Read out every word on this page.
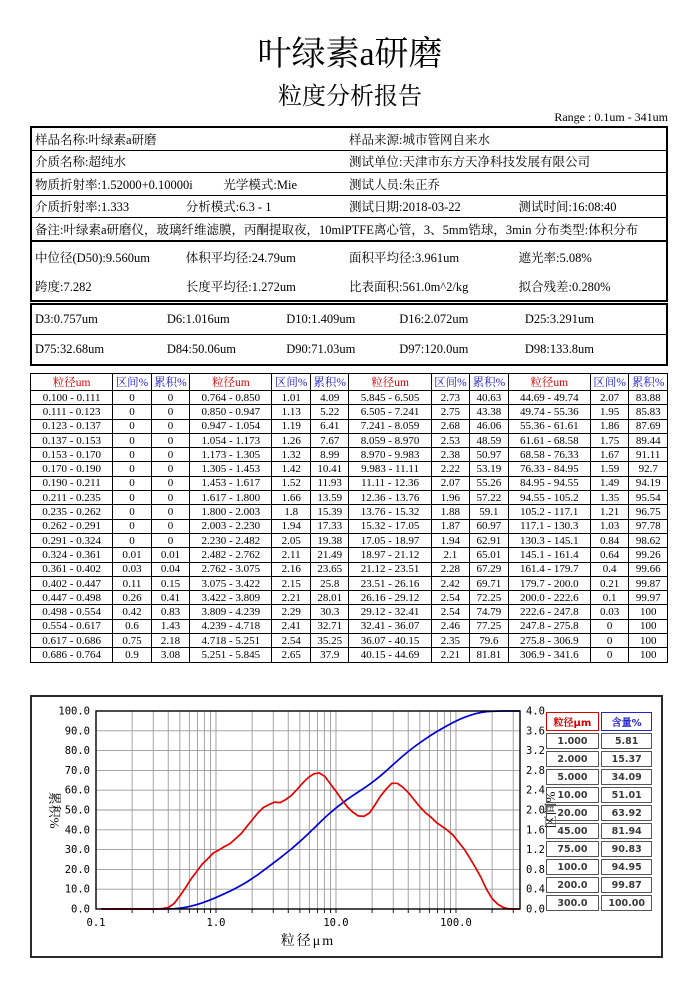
叶绿素a研磨
粒度分析报告
Range : 0.1um - 341um
样品名称:叶绿素a研磨	样品来源:城市管网自来水
介质名称:超纯水	测试单位:天津市东方天净科技发展有限公司
物质折射率:1.52000+0.10000i	光学模式:Mie	测试人员:朱正乔
介质折射率:1.333	分析模式:6.3 - 1	测试日期:2018-03-22	测试时间:16:08:40
备注:叶绿素a研磨仪，玻璃纤维滤膜，丙酮提取夜，10mlPTFE离心管，3、5mm锆球，3min 分布类型:体积分布
中位径(D50):9.560um	体积平均径:24.79um	面积平均径:3.961um	遮光率:5.08%
跨度:7.282	长度平均径:1.272um	比表面积:561.0m^2/kg	拟合残差:0.280%
D3:0.757um	D6:1.016um	D10:1.409um	D16:2.072um	D25:3.291um
D75:32.68um	D84:50.06um	D90:71.03um	D97:120.0um	D98:133.8um
粒径um	区间%	累积%	粒径um	区间%	累积%	粒径um	区间%	累积%	粒径um	区间%	累积%
0.100 - 0.111	0	0	0.764 - 0.850	1.01	4.09	5.845 - 6.505	2.73	40.63	44.69 - 49.74	2.07	83.88
0.111 - 0.123	0	0	0.850 - 0.947	1.13	5.22	6.505 - 7.241	2.75	43.38	49.74 - 55.36	1.95	85.83
0.123 - 0.137	0	0	0.947 - 1.054	1.19	6.41	7.241 - 8.059	2.68	46.06	55.36 - 61.61	1.86	87.69
0.137 - 0.153	0	0	1.054 - 1.173	1.26	7.67	8.059 - 8.970	2.53	48.59	61.61 - 68.58	1.75	89.44
0.153 - 0.170	0	0	1.173 - 1.305	1.32	8.99	8.970 - 9.983	2.38	50.97	68.58 - 76.33	1.67	91.11
0.170 - 0.190	0	0	1.305 - 1.453	1.42	10.41	9.983 - 11.11	2.22	53.19	76.33 - 84.95	1.59	92.7
0.190 - 0.211	0	0	1.453 - 1.617	1.52	11.93	11.11 - 12.36	2.07	55.26	84.95 - 94.55	1.49	94.19
0.211 - 0.235	0	0	1.617 - 1.800	1.66	13.59	12.36 - 13.76	1.96	57.22	94.55 - 105.2	1.35	95.54
0.235 - 0.262	0	0	1.800 - 2.003	1.8	15.39	13.76 - 15.32	1.88	59.1	105.2 - 117.1	1.21	96.75
0.262 - 0.291	0	0	2.003 - 2.230	1.94	17.33	15.32 - 17.05	1.87	60.97	117.1 - 130.3	1.03	97.78
0.291 - 0.324	0	0	2.230 - 2.482	2.05	19.38	17.05 - 18.97	1.94	62.91	130.3 - 145.1	0.84	98.62
0.324 - 0.361	0.01	0.01	2.482 - 2.762	2.11	21.49	18.97 - 21.12	2.1	65.01	145.1 - 161.4	0.64	99.26
0.361 - 0.402	0.03	0.04	2.762 - 3.075	2.16	23.65	21.12 - 23.51	2.28	67.29	161.4 - 179.7	0.4	99.66
0.402 - 0.447	0.11	0.15	3.075 - 3.422	2.15	25.8	23.51 - 26.16	2.42	69.71	179.7 - 200.0	0.21	99.87
0.447 - 0.498	0.26	0.41	3.422 - 3.809	2.21	28.01	26.16 - 29.12	2.54	72.25	200.0 - 222.6	0.1	99.97
0.498 - 0.554	0.42	0.83	3.809 - 4.239	2.29	30.3	29.12 - 32.41	2.54	74.79	222.6 - 247.8	0.03	100
0.554 - 0.617	0.6	1.43	4.239 - 4.718	2.41	32.71	32.41 - 36.07	2.46	77.25	247.8 - 275.8	0	100
0.617 - 0.686	0.75	2.18	4.718 - 5.251	2.54	35.25	36.07 - 40.15	2.35	79.6	275.8 - 306.9	0	100
0.686 - 0.764	0.9	3.08	5.251 - 5.845	2.65	37.9	40.15 - 44.69	2.21	81.81	306.9 - 341.6	0	100
0.0
10.0
20.0
30.0
40.0
50.0
60.0
70.0
80.0
90.0
100.0
0.0
0.4
0.8
1.2
1.6
2.0
2.4
2.8
3.2
3.6
4.0
0.1	1.0	10.0	100.0
累积%	区间%
粒径μm
粒径μm	含量%
1.000	5.81
2.000	15.37
5.000	34.09
10.00	51.01
20.00	63.92
45.00	81.94
75.00	90.83
100.0	94.95
200.0	99.87
300.0	100.00
